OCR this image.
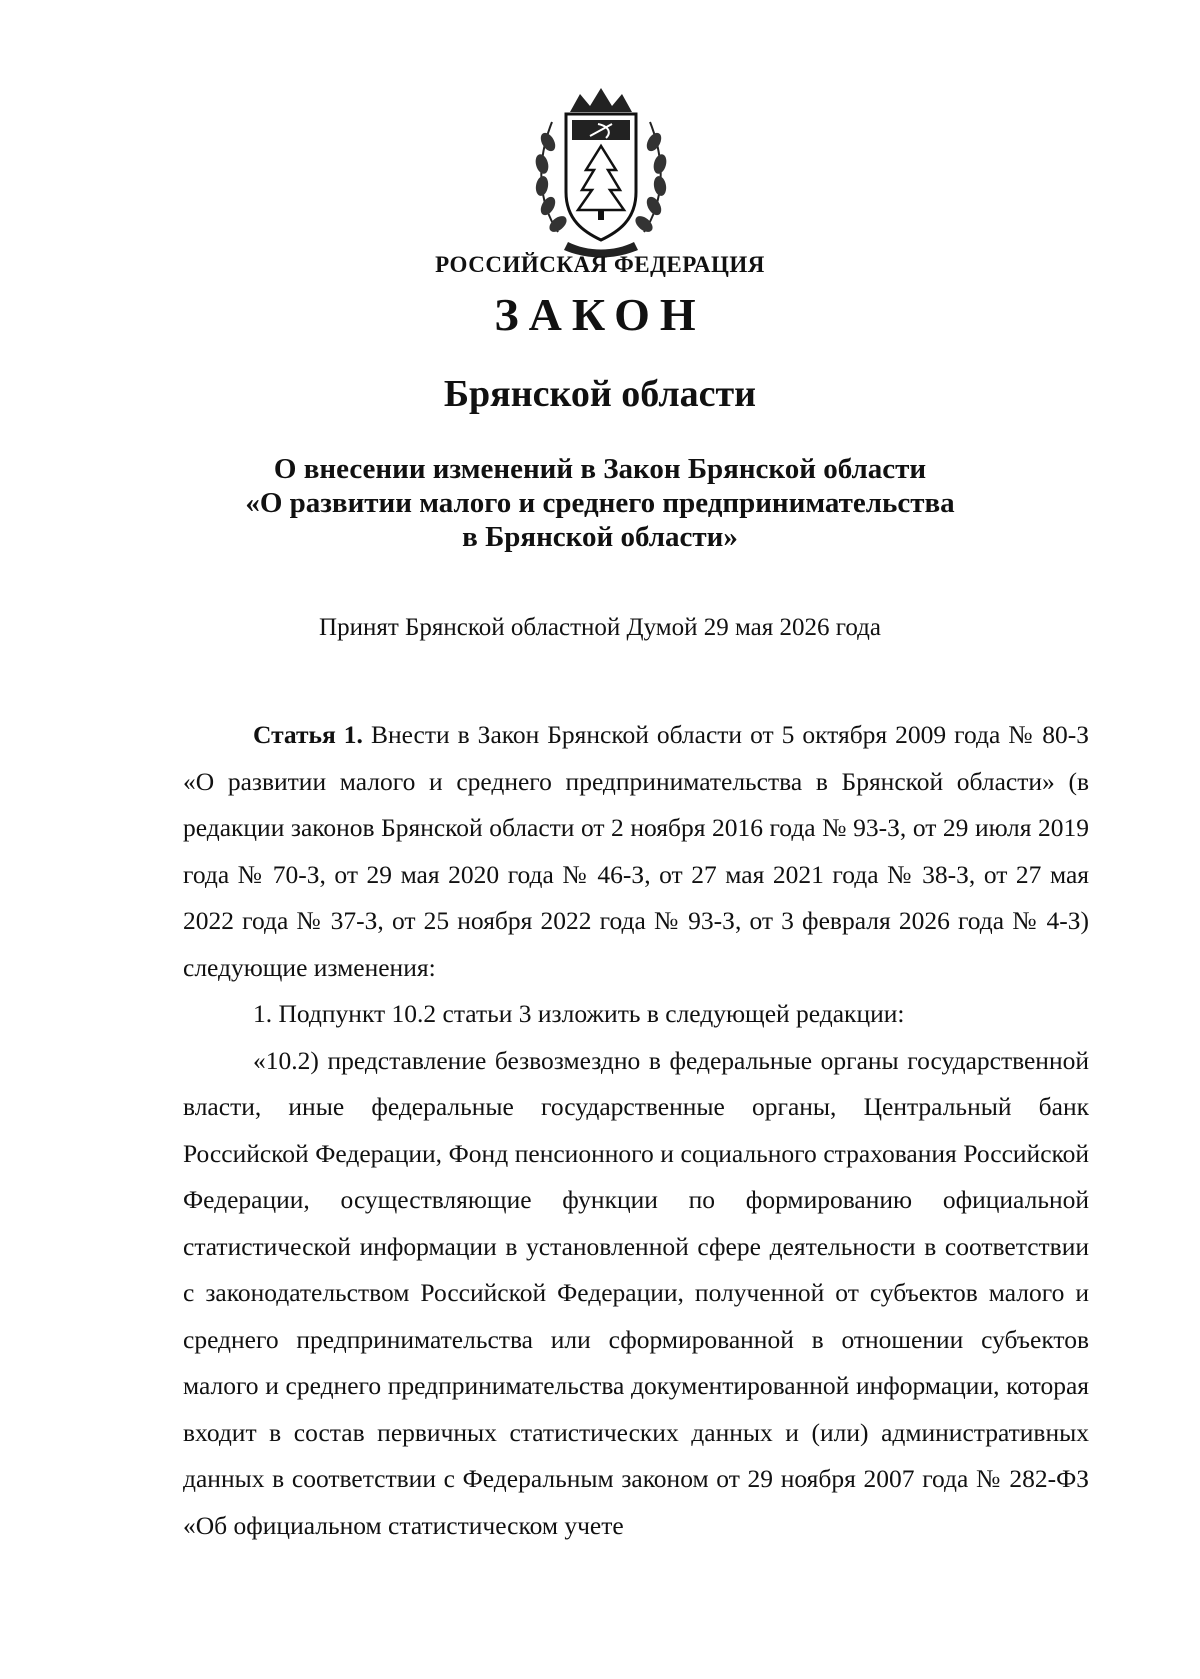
РОССИЙСКАЯ ФЕДЕРАЦИЯ
ЗАКОН
Брянской области
О внесении изменений в Закон Брянской области
«О развитии малого и среднего предпринимательства
в Брянской области»
Принят Брянской областной Думой 29 мая 2026 года

Статья 1. Внести в Закон Брянской области от 5 октября 2009 года № 80-З «О развитии малого и среднего предпринимательства в Брянской области» (в редакции законов Брянской области от 2 ноября 2016 года № 93-З, от 29 июля 2019 года № 70-З, от 29 мая 2020 года № 46-З, от 27 мая 2021 года № 38-З, от 27 мая 2022 года № 37-З, от 25 ноября 2022 года № 93-З, от 3 февраля 2026 года № 4-З) следующие изменения:

1. Подпункт 10.2 статьи 3 изложить в следующей редакции:

«10.2) представление безвозмездно в федеральные органы государственной власти, иные федеральные государственные органы, Центральный банк Российской Федерации, Фонд пенсионного и социального страхования Российской Федерации, осуществляющие функции по формированию официальной статистической информации в установленной сфере деятельности в соответствии с законодательством Российской Федерации, полученной от субъектов малого и среднего предпринимательства или сформированной в отношении субъектов малого и среднего предпринимательства документированной информации, которая входит в состав первичных статистических данных и (или) административных данных в соответствии с Федеральным законом от 29 ноября 2007 года № 282-ФЗ «Об официальном статистическом учете
